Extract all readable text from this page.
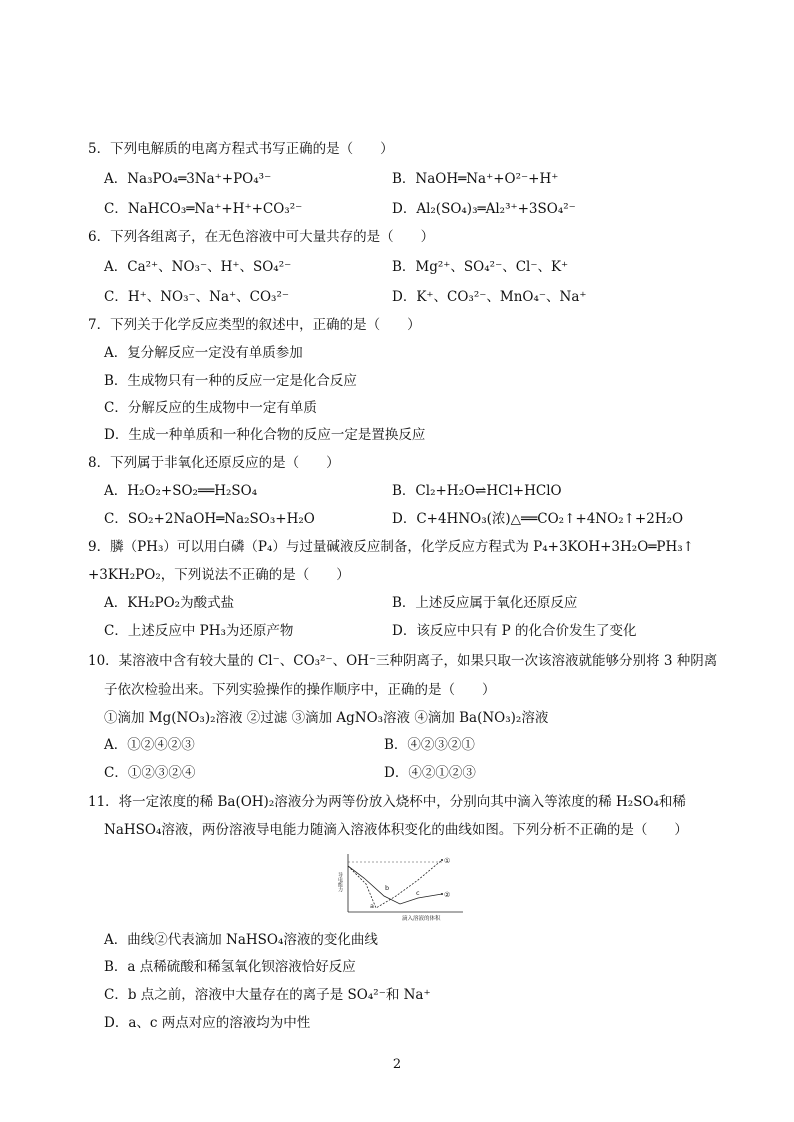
5．下列电解质的电离方程式书写正确的是（　　）
A．Na₃PO₄═3Na⁺+PO₄³⁻	B．NaOH═Na⁺+O²⁻+H⁺
C．NaHCO₃═Na⁺+H⁺+CO₃²⁻	D．Al₂(SO₄)₃═Al₂³⁺+3SO₄²⁻
6．下列各组离子，在无色溶液中可大量共存的是（　　）
A．Ca²⁺、NO₃⁻、H⁺、SO₄²⁻	B．Mg²⁺、SO₄²⁻、Cl⁻、K⁺
C．H⁺、NO₃⁻、Na⁺、CO₃²⁻	D．K⁺、CO₃²⁻、MnO₄⁻、Na⁺
7．下列关于化学反应类型的叙述中，正确的是（　　）
A．复分解反应一定没有单质参加
B．生成物只有一种的反应一定是化合反应
C．分解反应的生成物中一定有单质
D．生成一种单质和一种化合物的反应一定是置换反应
8．下列属于非氧化还原反应的是（　　）
A．H₂O₂+SO₂══H₂SO₄	B．Cl₂+H₂O⇌HCl+HClO
C．SO₂+2NaOH═Na₂SO₃+H₂O	D．C+4HNO₃(浓)△══CO₂↑+4NO₂↑+2H₂O
9．膦（PH₃）可以用白磷（P₄）与过量碱液反应制备，化学反应方程式为 P₄+3KOH+3H₂O═PH₃↑
+3KH₂PO₂，下列说法不正确的是（　　）
A．KH₂PO₂为酸式盐	B．上述反应属于氧化还原反应
C．上述反应中 PH₃为还原产物	D．该反应中只有 P 的化合价发生了变化
10．某溶液中含有较大量的 Cl⁻、CO₃²⁻、OH⁻三种阴离子，如果只取一次该溶液就能够分别将 3 种阴离
子依次检验出来。下列实验操作的操作顺序中，正确的是（　　）
①滴加 Mg(NO₃)₂溶液 ②过滤 ③滴加 AgNO₃溶液 ④滴加 Ba(NO₃)₂溶液
A．①②④②③	B．④②③②①
C．①②③②④	D．④②①②③
11．将一定浓度的稀 Ba(OH)₂溶液分为两等份放入烧杯中，分别向其中滴入等浓度的稀 H₂SO₄和稀
NaHSO₄溶液，两份溶液导电能力随滴入溶液体积变化的曲线如图。下列分析不正确的是（　　）
导电能力
滴入溶液的体积
①
②
a
b
c
A．曲线②代表滴加 NaHSO₄溶液的变化曲线
B．a 点稀硫酸和稀氢氧化钡溶液恰好反应
C．b 点之前，溶液中大量存在的离子是 SO₄²⁻和 Na⁺
D．a、c 两点对应的溶液均为中性
2
